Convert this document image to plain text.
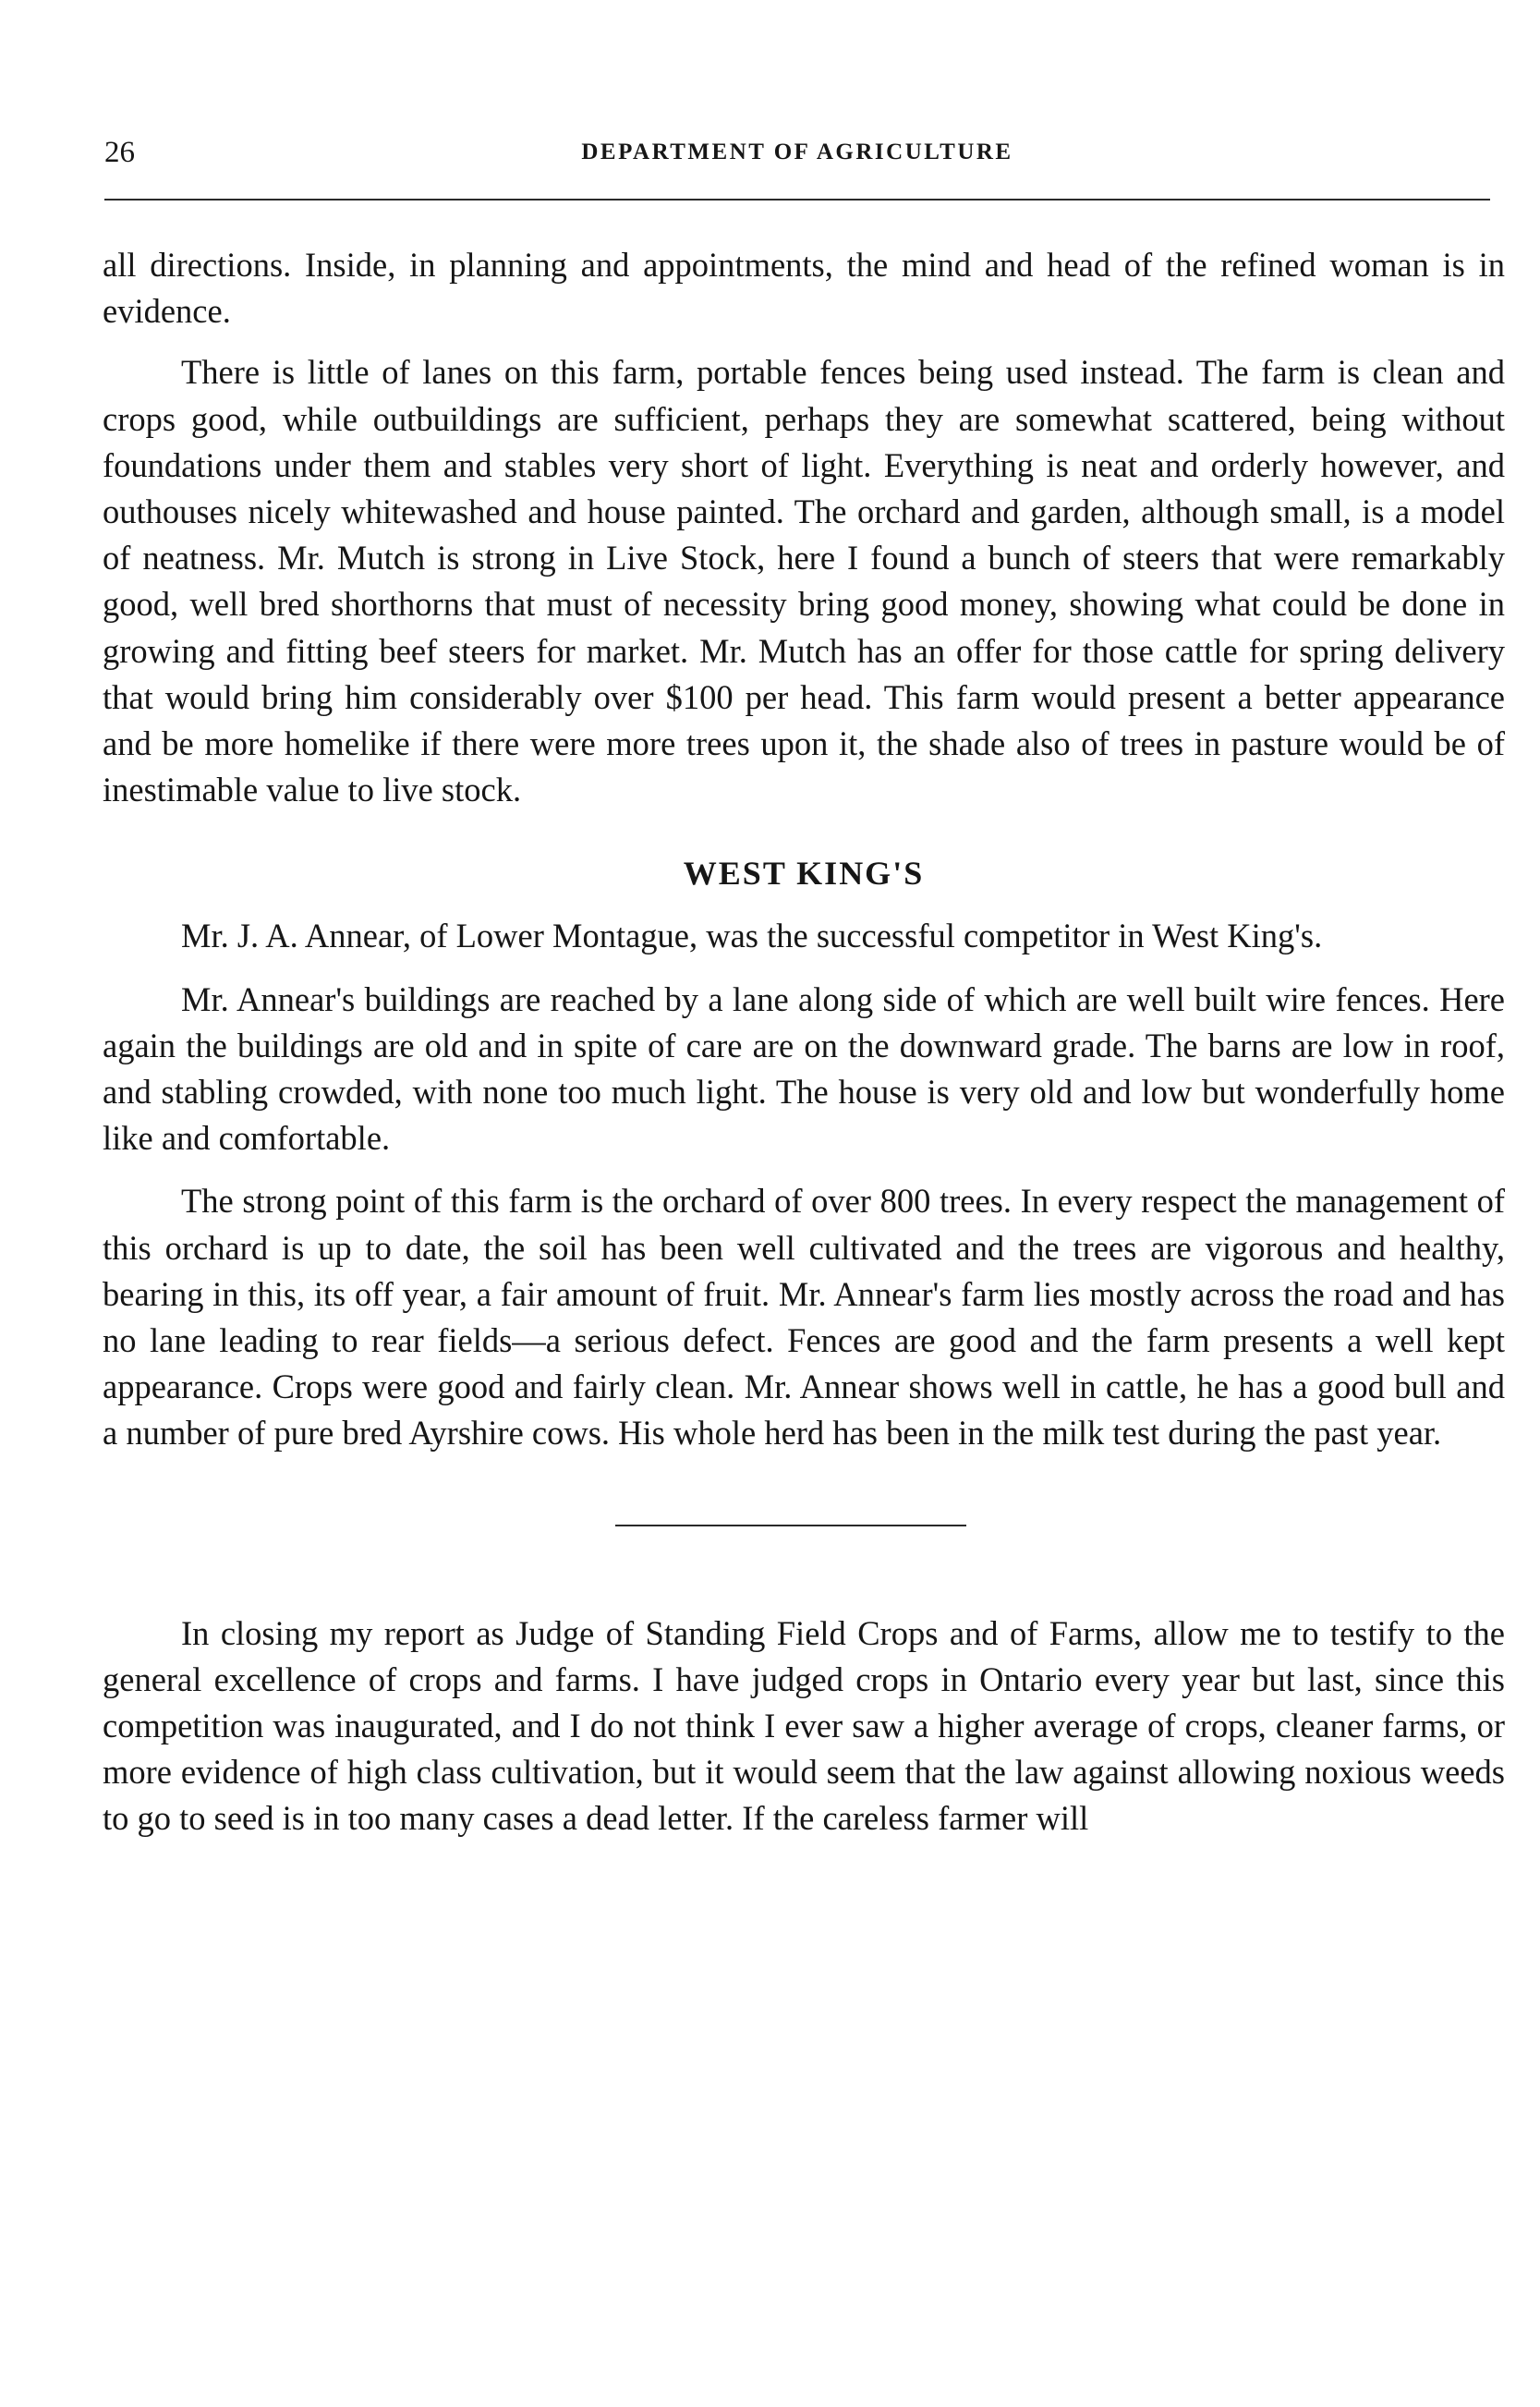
26	DEPARTMENT OF AGRICULTURE

all directions. Inside, in planning and appointments, the mind and head of the refined woman is in evidence.

There is little of lanes on this farm, portable fences being used instead. The farm is clean and crops good, while outbuildings are sufficient, perhaps they are somewhat scattered, being without foundations under them and stables very short of light. Everything is neat and orderly however, and outhouses nicely whitewashed and house painted. The orchard and garden, although small, is a model of neatness. Mr. Mutch is strong in Live Stock, here I found a bunch of steers that were remarkably good, well bred shorthorns that must of necessity bring good money, showing what could be done in growing and fitting beef steers for market. Mr. Mutch has an offer for those cattle for spring delivery that would bring him considerably over $100 per head. This farm would present a better appearance and be more homelike if there were more trees upon it, the shade also of trees in pasture would be of inestimable value to live stock.

WEST KING'S

Mr. J. A. Annear, of Lower Montague, was the successful competitor in West King's.

Mr. Annear's buildings are reached by a lane along side of which are well built wire fences. Here again the buildings are old and in spite of care are on the downward grade. The barns are low in roof, and stabling crowded, with none too much light. The house is very old and low but wonderfully home like and comfortable.

The strong point of this farm is the orchard of over 800 trees. In every respect the management of this orchard is up to date, the soil has been well cultivated and the trees are vigorous and healthy, bearing in this, its off year, a fair amount of fruit. Mr. Annear's farm lies mostly across the road and has no lane leading to rear fields—a serious defect. Fences are good and the farm presents a well kept appearance. Crops were good and fairly clean. Mr. Annear shows well in cattle, he has a good bull and a number of pure bred Ayrshire cows. His whole herd has been in the milk test during the past year.

In closing my report as Judge of Standing Field Crops and of Farms, allow me to testify to the general excellence of crops and farms. I have judged crops in Ontario every year but last, since this competition was inaugurated, and I do not think I ever saw a higher average of crops, cleaner farms, or more evidence of high class cultivation, but it would seem that the law against allowing noxious weeds to go to seed is in too many cases a dead letter. If the careless farmer will
